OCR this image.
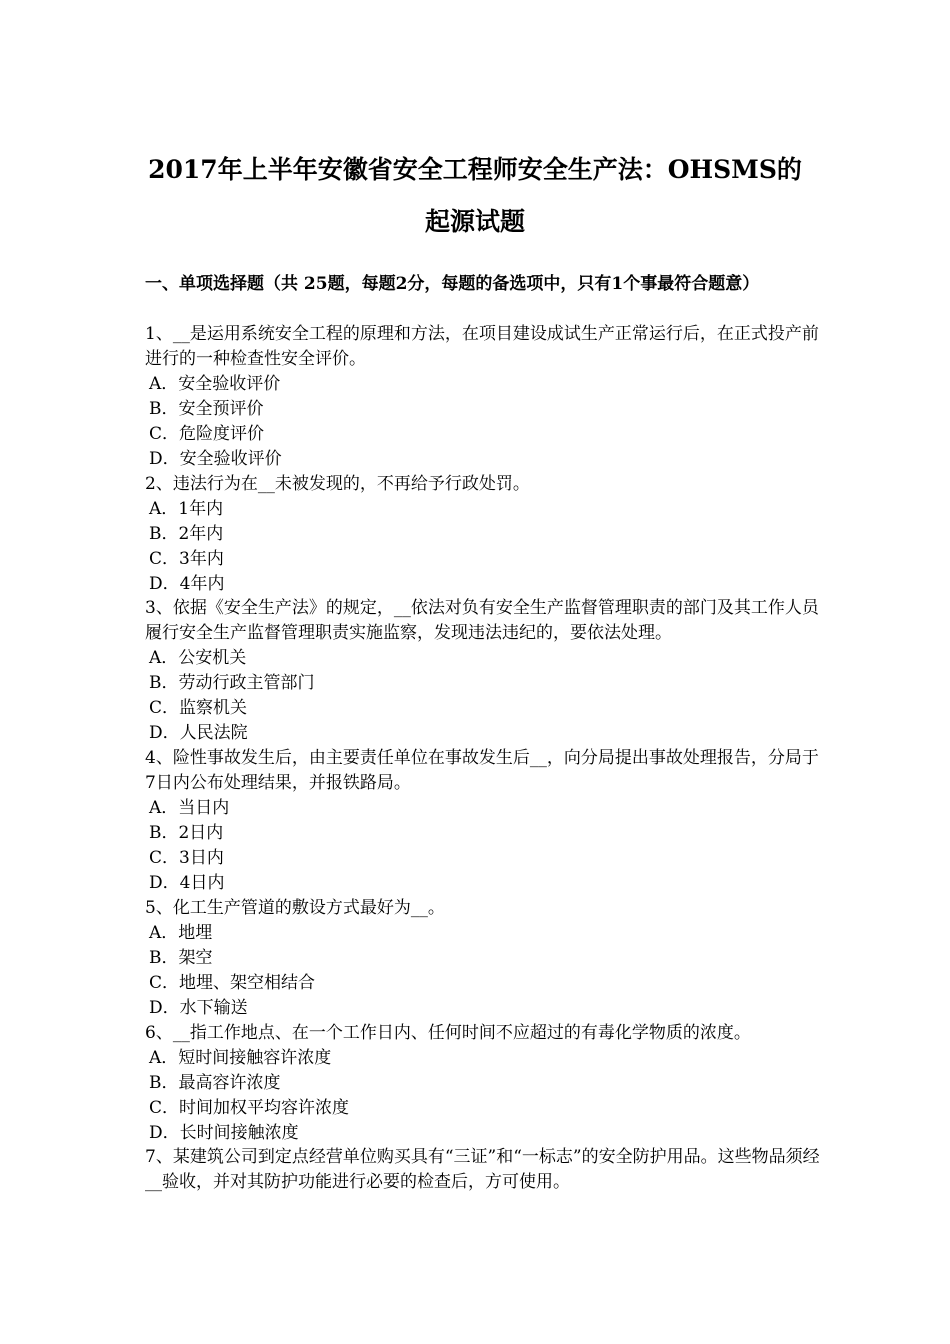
2017年上半年安徽省安全工程师安全生产法：OHSMS的
起源试题
一、单项选择题（共 25题，每题2分，每题的备选项中，只有1个事最符合题意）

1、__是运用系统安全工程的原理和方法，在项目建设成试生产正常运行后，在正式投产前进行的一种检查性安全评价。

A．安全验收评价

B．安全预评价

C．危险度评价

D．安全验收评价

2、违法行为在__未被发现的，不再给予行政处罚。

A．1年内

B．2年内

C．3年内

D．4年内

3、依据《安全生产法》的规定，__依法对负有安全生产监督管理职责的部门及其工作人员履行安全生产监督管理职责实施监察，发现违法违纪的，要依法处理。

A．公安机关

B．劳动行政主管部门

C．监察机关

D．人民法院

4、险性事故发生后，由主要责任单位在事故发生后__，向分局提出事故处理报告，分局于7日内公布处理结果，并报铁路局。

A．当日内

B．2日内

C．3日内

D．4日内

5、化工生产管道的敷设方式最好为__。

A．地埋

B．架空

C．地埋、架空相结合

D．水下输送

6、__指工作地点、在一个工作日内、任何时间不应超过的有毒化学物质的浓度。

A．短时间接触容许浓度

B．最高容许浓度

C．时间加权平均容许浓度

D．长时间接触浓度

7、某建筑公司到定点经营单位购买具有“三证”和“一标志”的安全防护用品。这些物品须经__验收，并对其防护功能进行必要的检查后，方可使用。
